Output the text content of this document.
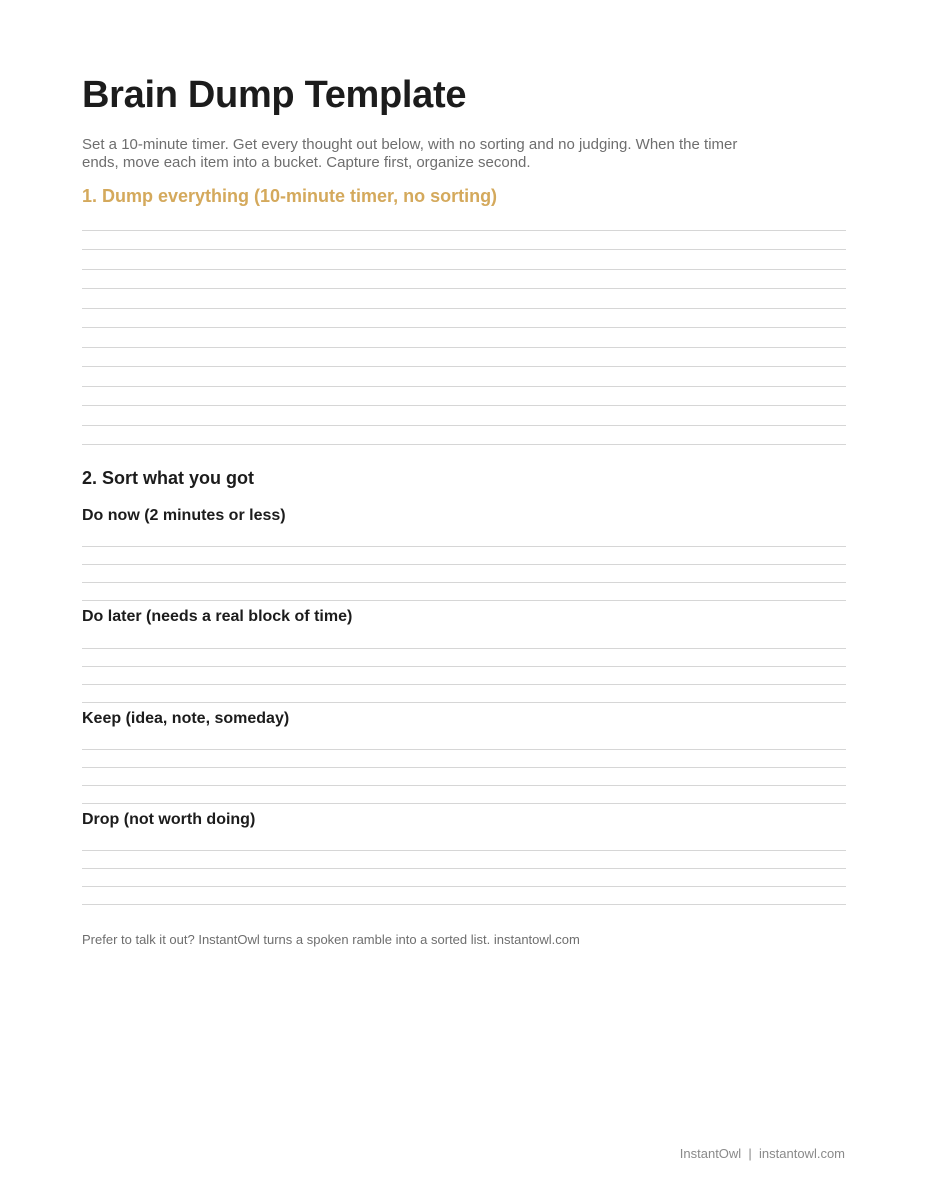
Brain Dump Template

Set a 10-minute timer. Get every thought out below, with no sorting and no judging. When the timer ends, move each item into a bucket. Capture first, organize second.

1. Dump everything (10-minute timer, no sorting)
2. Sort what you got
Do now (2 minutes or less)
Do later (needs a real block of time)
Keep (idea, note, someday)
Drop (not worth doing)

Prefer to talk it out? InstantOwl turns a spoken ramble into a sorted list. instantowl.com

InstantOwl  |  instantowl.com
